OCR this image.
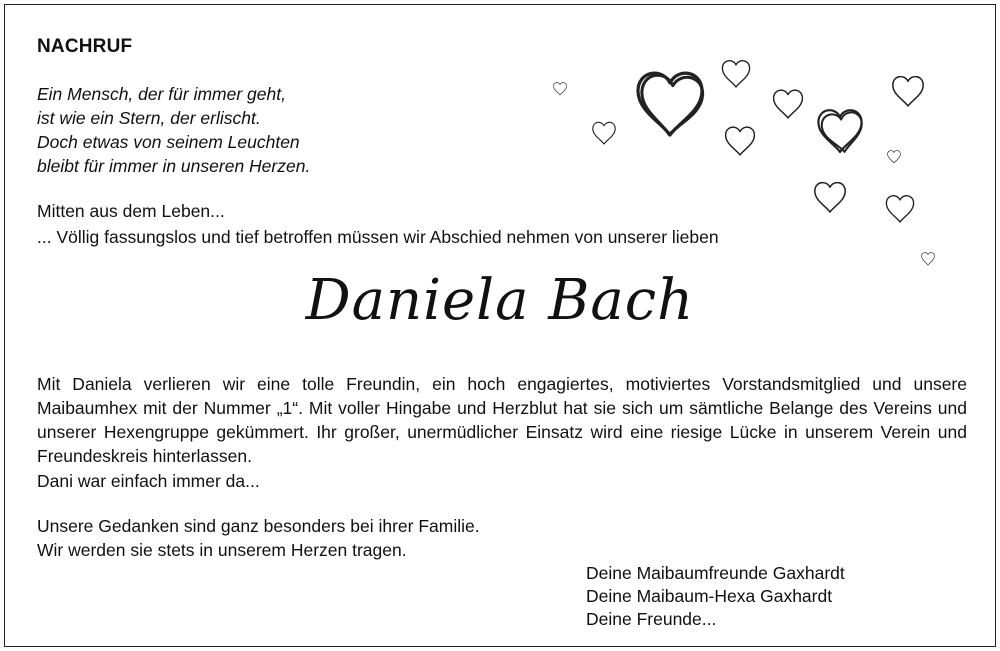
NACHRUF
Ein Mensch, der für immer geht,
ist wie ein Stern, der erlischt.
Doch etwas von seinem Leuchten
bleibt für immer in unseren Herzen.
Mitten aus dem Leben...
... Völlig fassungslos und tief betroffen müssen wir Abschied nehmen von unserer lieben
Daniela Bach
Mit Daniela verlieren wir eine tolle Freundin, ein hoch engagiertes, motiviertes Vorstandsmitglied und unsere Maibaumhex mit der Nummer „1“. Mit voller Hingabe und Herzblut hat sie sich um sämtliche Belange des Vereins und unserer Hexengruppe gekümmert. Ihr großer, unermüdlicher Einsatz wird eine riesige Lücke in unserem Verein und Freundeskreis hinterlassen.
Dani war einfach immer da...
Unsere Gedanken sind ganz besonders bei ihrer Familie.
Wir werden sie stets in unserem Herzen tragen.
Deine Maibaumfreunde Gaxhardt
Deine Maibaum-Hexa Gaxhardt
Deine Freunde...
